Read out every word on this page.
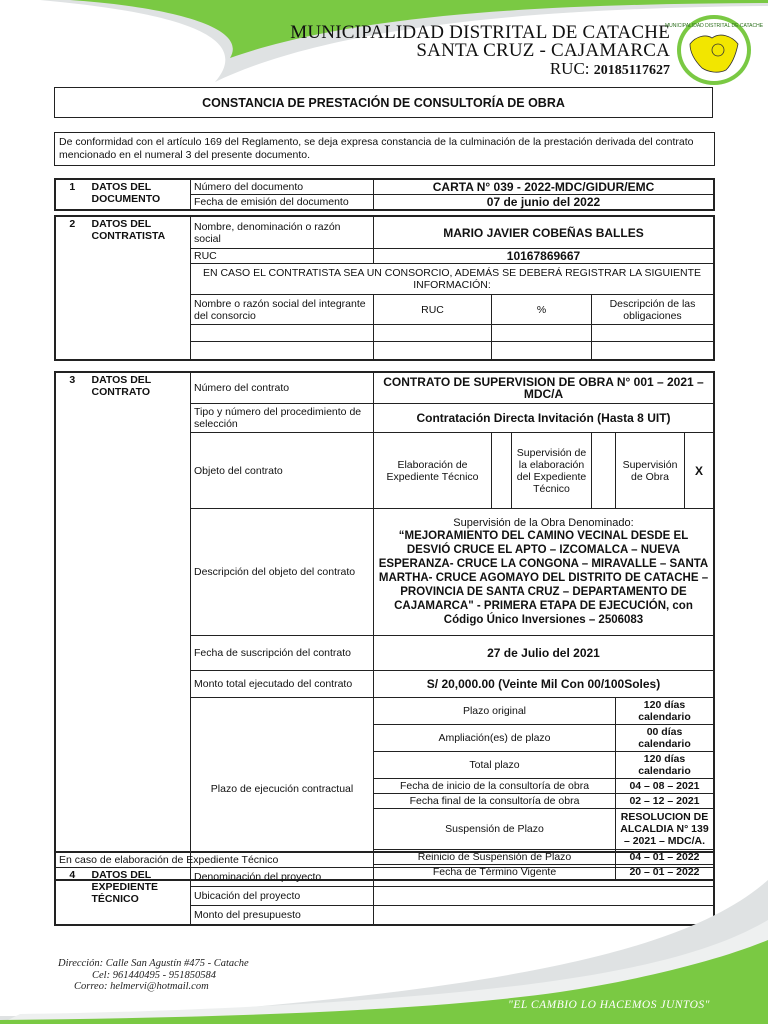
MUNICIPALIDAD DISTRITAL DE CATACHE
SANTA CRUZ - CAJAMARCA
RUC: 20185117627
MUNICIPALIDAD DISTRITAL DE CATACHE
CONSTANCIA DE PRESTACIÓN DE CONSULTORÍA DE OBRA
De conformidad con el artículo 169 del Reglamento, se deja expresa constancia de la culminación de la prestación derivada del contrato mencionado en el numeral 3 del presente documento.
1	DATOS DEL DOCUMENTO	Número del documento	CARTA N° 039 - 2022-MDC/GIDUR/EMC
		Fecha de emisión del documento	07 de junio del 2022
2	DATOS DEL CONTRATISTA	Nombre, denominación o razón social	MARIO JAVIER COBEÑAS BALLES		
		RUC	10167869667		
		EN CASO EL CONTRATISTA SEA UN CONSORCIO, ADEMÁS SE DEBERÁ REGISTRAR LA SIGUIENTE INFORMACIÓN:			
		Nombre o razón social del integrante del consorcio	RUC	%	Descripción de las obligaciones

3	DATOS DEL CONTRATO	Número del contrato	CONTRATO DE SUPERVISION DE OBRA N° 001 – 2021 – MDC/A					
		Tipo y número del procedimiento de selección	Contratación Directa Invitación (Hasta 8 UIT)					
		Objeto del contrato	Elaboración de Expediente Técnico		Supervisión de la elaboración del Expediente Técnico		Supervisión de Obra	X
		Descripción del objeto del contrato	Supervisión de la Obra Denominado:
“MEJORAMIENTO DEL CAMINO VECINAL DESDE EL DESVIÓ CRUCE EL APTO – IZCOMALCA – NUEVA ESPERANZA- CRUCE LA CONGONA – MIRAVALLE – SANTA MARTHA- CRUCE AGOMAYO DEL DISTRITO DE CATACHE – PROVINCIA DE SANTA CRUZ – DEPARTAMENTO DE CAJAMARCA" - PRIMERA ETAPA DE EJECUCIÓN, con Código Único Inversiones – 2506083					

		Fecha de suscripción del contrato	27 de Julio del 2021					
		Monto total ejecutado del contrato	S/ 20,000.00 (Veinte Mil Con 00/100Soles)					
		Plazo de ejecución contractual	Plazo original				120 días calendario	
			Ampliación(es) de plazo				00 días calendario	
			Total plazo				120 días calendario	
			Fecha de inicio de la consultoría de obra				04 – 08 – 2021	
			Fecha final de la consultoría de obra				02 – 12 – 2021	
			Suspensión de Plazo				RESOLUCION DE ALCALDIA N° 139 – 2021 – MDC/A.	
			Reinicio de Suspensión de Plazo				04 – 01 – 2022	
			Fecha de Término Vigente				20 – 01 – 2022	
En caso de elaboración de Expediente Técnico			
4	DATOS DEL EXPEDIENTE TÉCNICO	Denominación del proyecto	
		Ubicación del proyecto	
		Monto del presupuesto	
Dirección: Calle San Agustín #475 - Catache
Cel: 961440495 - 951850584
Correo: helmervi@hotmail.com
"EL CAMBIO LO HACEMOS JUNTOS"
